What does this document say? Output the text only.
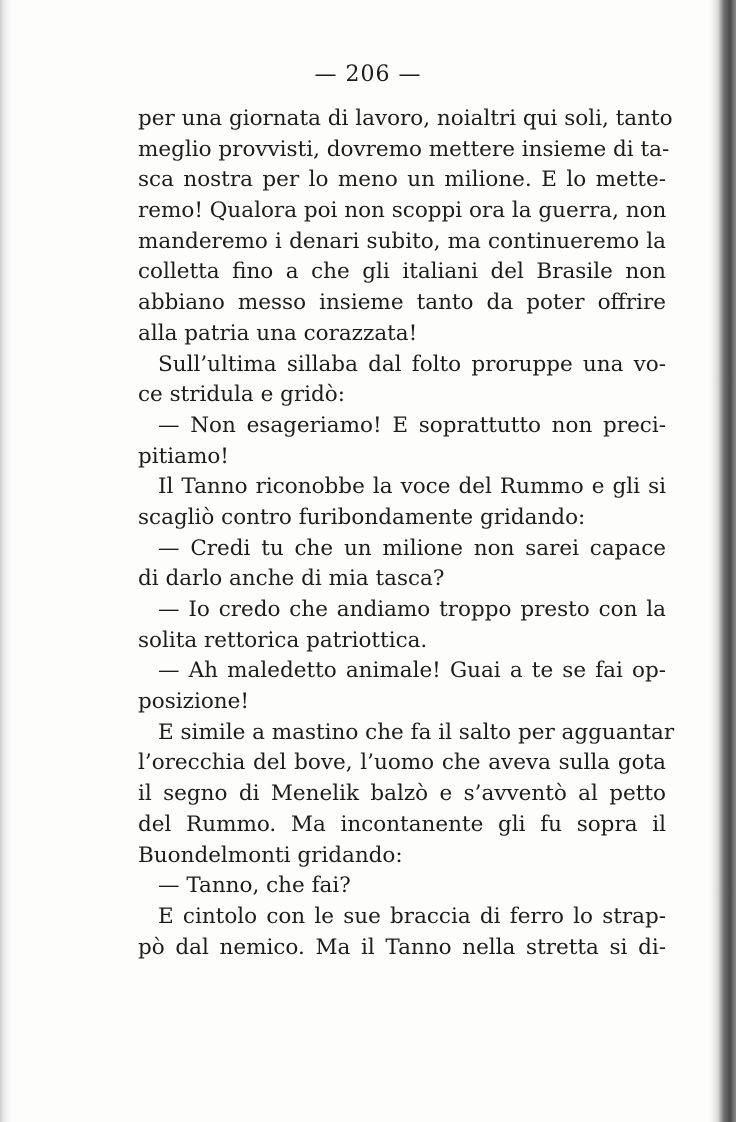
— 206 —
per una giornata di lavoro, noialtri qui soli, tanto
meglio provvisti, dovremo mettere insieme di ta-
sca nostra per lo meno un milione. E lo mette-
remo! Qualora poi non scoppi ora la guerra, non
manderemo i denari subito, ma continueremo la
colletta fino a che gli italiani del Brasile non
abbiano messo insieme tanto da poter offrire
alla patria una corazzata!
Sull’ultima sillaba dal folto proruppe una vo-
ce stridula e gridò:
— Non esageriamo! E soprattutto non preci-
pitiamo!
Il Tanno riconobbe la voce del Rummo e gli si
scagliò contro furibondamente gridando:
— Credi tu che un milione non sarei capace
di darlo anche di mia tasca?
— Io credo che andiamo troppo presto con la
solita rettorica patriottica.
— Ah maledetto animale! Guai a te se fai op-
posizione!
E simile a mastino che fa il salto per agguantar
l’orecchia del bove, l’uomo che aveva sulla gota
il segno di Menelik balzò e s’avventò al petto
del Rummo. Ma incontanente gli fu sopra il
Buondelmonti gridando:
— Tanno, che fai?
E cintolo con le sue braccia di ferro lo strap-
pò dal nemico. Ma il Tanno nella stretta si di-
